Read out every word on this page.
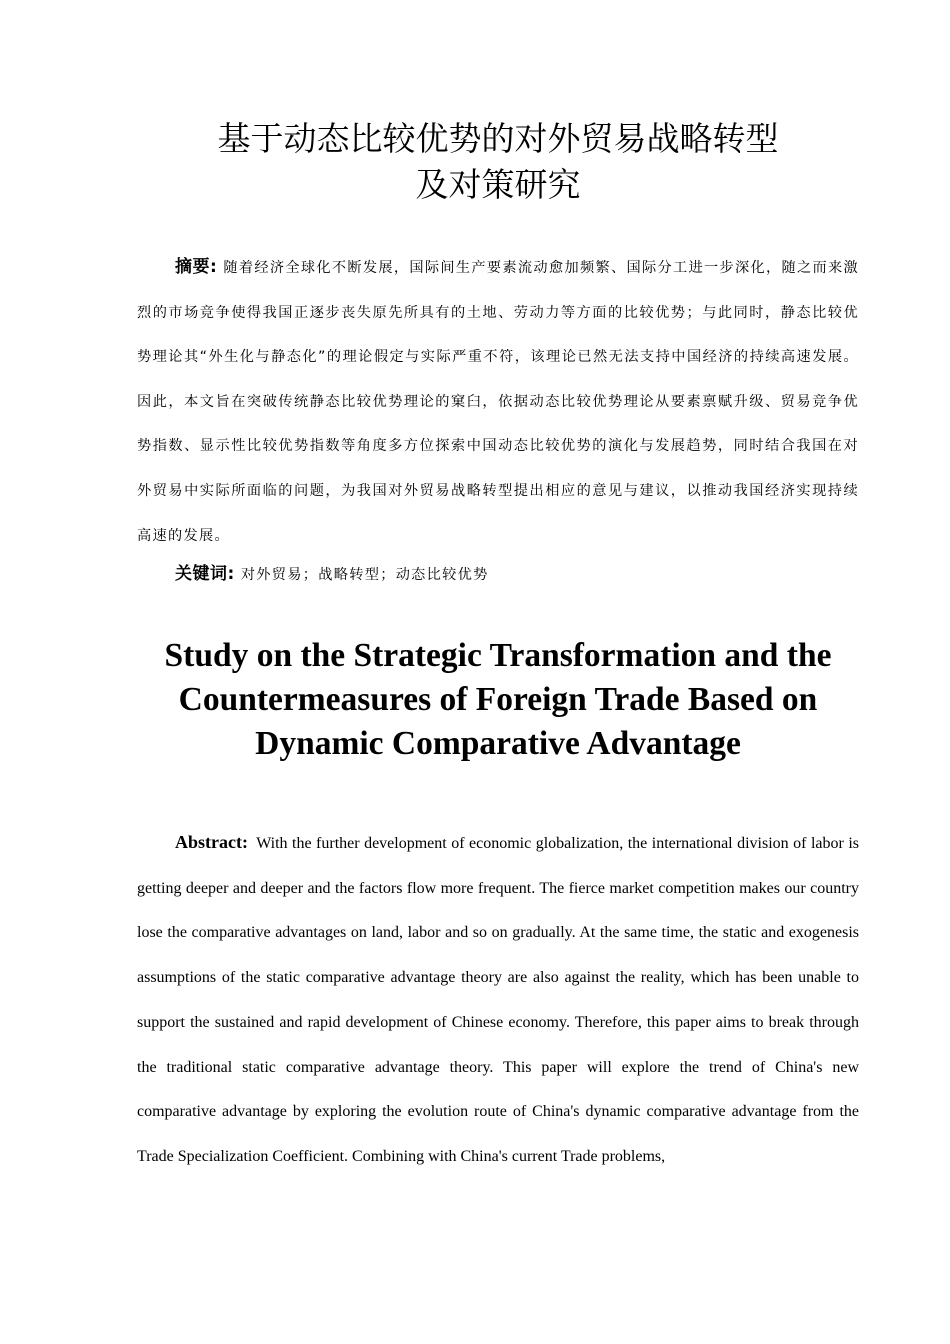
基于动态比较优势的对外贸易战略转型
及对策研究

摘要: 随着经济全球化不断发展，国际间生产要素流动愈加频繁、国际分工进一步深化，随之而来激烈的市场竞争使得我国正逐步丧失原先所具有的土地、劳动力等方面的比较优势；与此同时，静态比较优势理论其“外生化与静态化”的理论假定与实际严重不符，该理论已然无法支持中国经济的持续高速发展。因此，本文旨在突破传统静态比较优势理论的窠臼，依据动态比较优势理论从要素禀赋升级、贸易竞争优势指数、显示性比较优势指数等角度多方位探索中国动态比较优势的演化与发展趋势，同时结合我国在对外贸易中实际所面临的问题，为我国对外贸易战略转型提出相应的意见与建议，以推动我国经济实现持续高速的发展。

关键词: 对外贸易；战略转型；动态比较优势

Study on the Strategic Transformation and the
Countermeasures of Foreign Trade Based on
Dynamic Comparative Advantage

Abstract: With the further development of economic globalization, the international division of labor is getting deeper and deeper and the factors flow more frequent. The fierce market competition makes our country lose the comparative advantages on land, labor and so on gradually. At the same time, the static and exogenesis assumptions of the static comparative advantage theory are also against the reality, which has been unable to support the sustained and rapid development of Chinese economy. Therefore, this paper aims to break through the traditional static comparative advantage theory. This paper will explore the trend of China's new comparative advantage by exploring the evolution route of China's dynamic comparative advantage from the Trade Specialization Coefficient. Combining with China's current Trade problems,
